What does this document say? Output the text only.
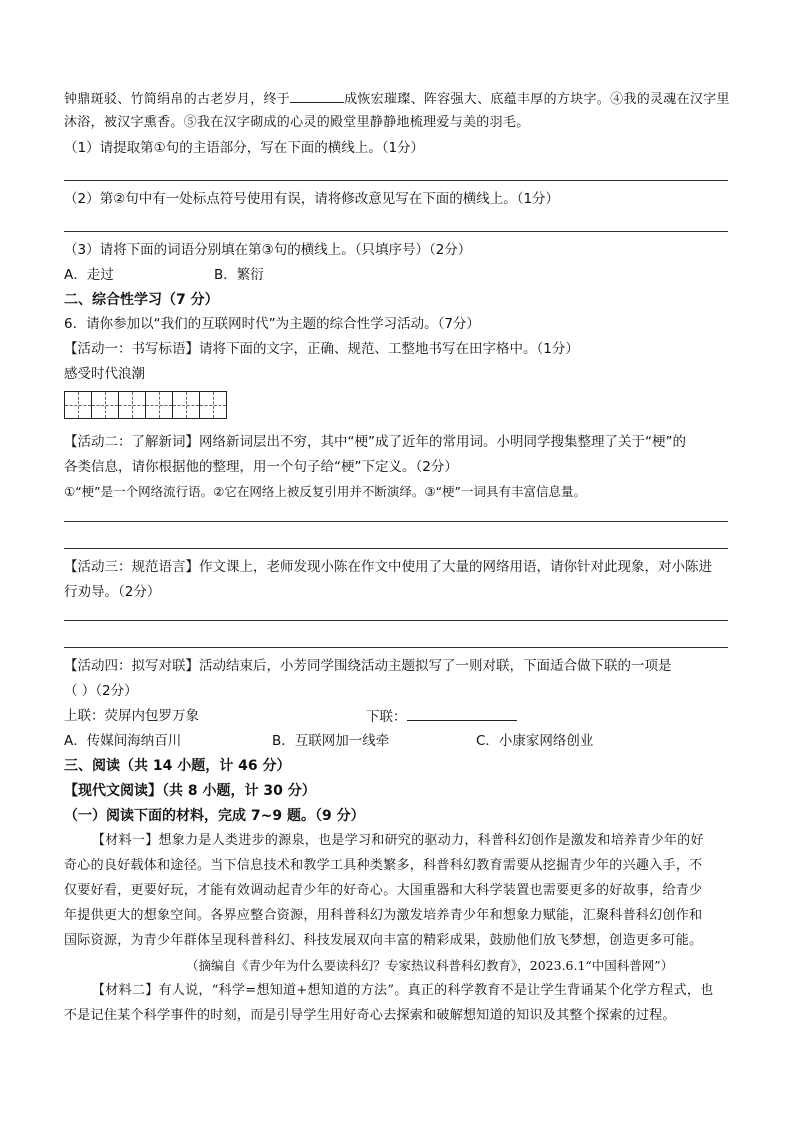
钟鼎斑驳、竹简绢帛的古老岁月，终于	成恢宏璀璨、阵容强大、底蕴丰厚的方块字。④我的灵魂在汉字里
沐浴，被汉字熏香。⑤我在汉字砌成的心灵的殿堂里静静地梳理爱与美的羽毛。
（1）请提取第①句的主语部分，写在下面的横线上。（1分）
（2）第②句中有一处标点符号使用有误，请将修改意见写在下面的横线上。（1分）
（3）请将下面的词语分别填在第③句的横线上。（只填序号）（2分）
A．走过	B．繁衍
二、综合性学习（7 分）
6．请你参加以“我们的互联网时代”为主题的综合性学习活动。（7分）
【活动一：书写标语】请将下面的文字，正确、规范、工整地书写在田字格中。（1分）
感受时代浪潮
【活动二：了解新词】网络新词层出不穷，其中“梗”成了近年的常用词。小明同学搜集整理了关于“梗”的
各类信息，请你根据他的整理，用一个句子给“梗”下定义。（2分）
①“梗”是一个网络流行语。②它在网络上被反复引用并不断演绎。③“梗”一词具有丰富信息量。
【活动三：规范语言】作文课上，老师发现小陈在作文中使用了大量的网络用语，请你针对此现象，对小陈进
行劝导。（2分）
【活动四：拟写对联】活动结束后，小芳同学围绕活动主题拟写了一则对联，下面适合做下联的一项是
（ ）（2分）
上联：荧屏内包罗万象	下联：
A．传媒间海纳百川	B．互联网加一线牵	C．小康家网络创业
三、阅读（共 14 小题，计 46 分）
【现代文阅读】（共 8 小题，计 30 分）
（一）阅读下面的材料，完成 7~9 题。（9 分）
【材料一】想象力是人类进步的源泉，也是学习和研究的驱动力，科普科幻创作是激发和培养青少年的好
奇心的良好载体和途径。当下信息技术和教学工具种类繁多，科普科幻教育需要从挖掘青少年的兴趣入手，不
仅要好看，更要好玩，才能有效调动起青少年的好奇心。大国重器和大科学装置也需要更多的好故事，给青少
年提供更大的想象空间。各界应整合资源，用科普科幻为激发培养青少年和想象力赋能，汇聚科普科幻创作和
国际资源，为青少年群体呈现科普科幻、科技发展双向丰富的精彩成果，鼓励他们放飞梦想，创造更多可能。
（摘编自《青少年为什么要读科幻？专家热议科普科幻教育》，2023.6.1“中国科普网”）
【材料二】有人说，“科学=想知道+想知道的方法”。真正的科学教育不是让学生背诵某个化学方程式，也
不是记住某个科学事件的时刻，而是引导学生用好奇心去探索和破解想知道的知识及其整个探索的过程。
